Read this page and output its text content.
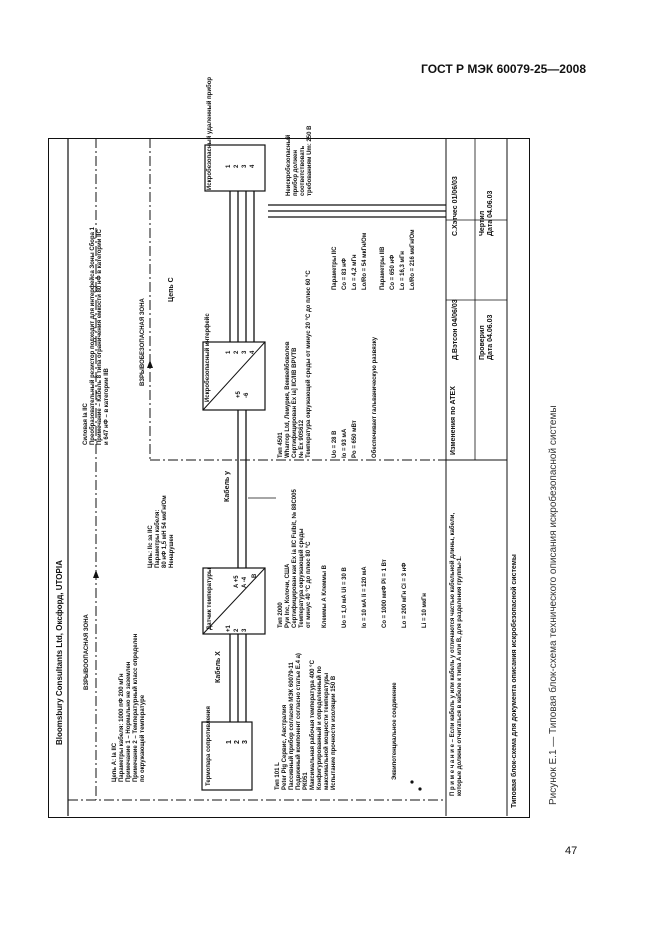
ГОСТ Р МЭК 60079-25—2008
47
Рисунок Е.1 — Типовая блок-схема технического описания искробезопасной системы
Bloomsbury Consultants Ltd, Оксфорд, UTOPIA	ВЗРЫВООПАСНАЯ ЗОНА
ВЗРЫВОБЕЗОПАСНАЯ ЗОНА
Цепь С
Цепь А: Ia IIC Параметры кабеля: 1000 пФ 200 мГн Примечание 1 – Нормально не заземлен Примечание 2 – Температурный класс определен по окружающей температуре
Силовая Ia IIC Преобразовательный резистор подходит для интерфейса Зоны Сбора 1 Примечание – Кабель 8 типа ограничения емкости 80 нФ в категории IIC и 647 нФ – в категории IIB
Термопара сопротивления 1 2 3
Кабель X
Датчик температуры +1 2 3
A +5 A -4
B
Кабель у
Цепь: IIc за IIC Параметры кабеля: 80 нФ 1,5 мН 54 мкГн/Ом Ненарушен
Искробезопасный интерфейс	+5 -6
1 2 3 4
Искробезопасный удаленный прибор 1 2 3 4	Неискробезопасный прибор должен соответствовать требованиям Um: 250 В
Тип 101 L Peter Pig Сервис, Австралия Пассивный прибор согласно МЭК 60079-11 Подвижный компонент согласно статье Е.4 а) РК051 Максимальная рабочая температура 400 °С Конфигурированный и определенный по максимальной мощности температуры Испытание прочности изоляции 150 В
Тип 2000 Руи Inc, Колочи, США Сертифицирован как Ex ia IIC Fulbit, № 88C005 Температура окружающей среды от минус 40 °С до плюс 80 °С	Клеммы А Клеммы В	Uo = 1,0 мА Ui = 30 В	Io = 10 мА Ii = 120 мА	Co = 1000 мкФ Pi = 1 Вт	Lo = 200 мГн Ci = 3 нФ	Li = 10 мкГн
Тип 4501 Wharrop Ltd, Лемурия, Вемвейбоволов Сертифицирован Ex ia] IIC/IIB BPVTB № Ex 90S612 Температура окружающей среды от минус 20 °С до плюс 60 °С	Uo = 28 В Io = 93 мА Po = 650 мВт
	Обеспечивает гальваническую развязку
Параметры IIC Co = 83 нФ Lo = 4,2 мГн Lo/Ro = 54 мкГн/Ом	Параметры IIB Co = 650 нФ Lo = 16,3 мГн Lo/Ro = 216 мкГн/Ом
Эквипотенциальное соединение	П р и м е ч а н и е – Если кабель у или кабель у отличаются частью кабельной длины, кабели, которые должны отчитаться в кабеле к типа А или В, для разделения группы-1.
Изменения по АТЕХ
Д.Вэтсон 04/06/03
С.Хэтчес 01/06/03
Проверил Дата 04.06.03
Чертил Дата 04.06.03
Типовая блок-схема для документа описания искробезопасной системы
